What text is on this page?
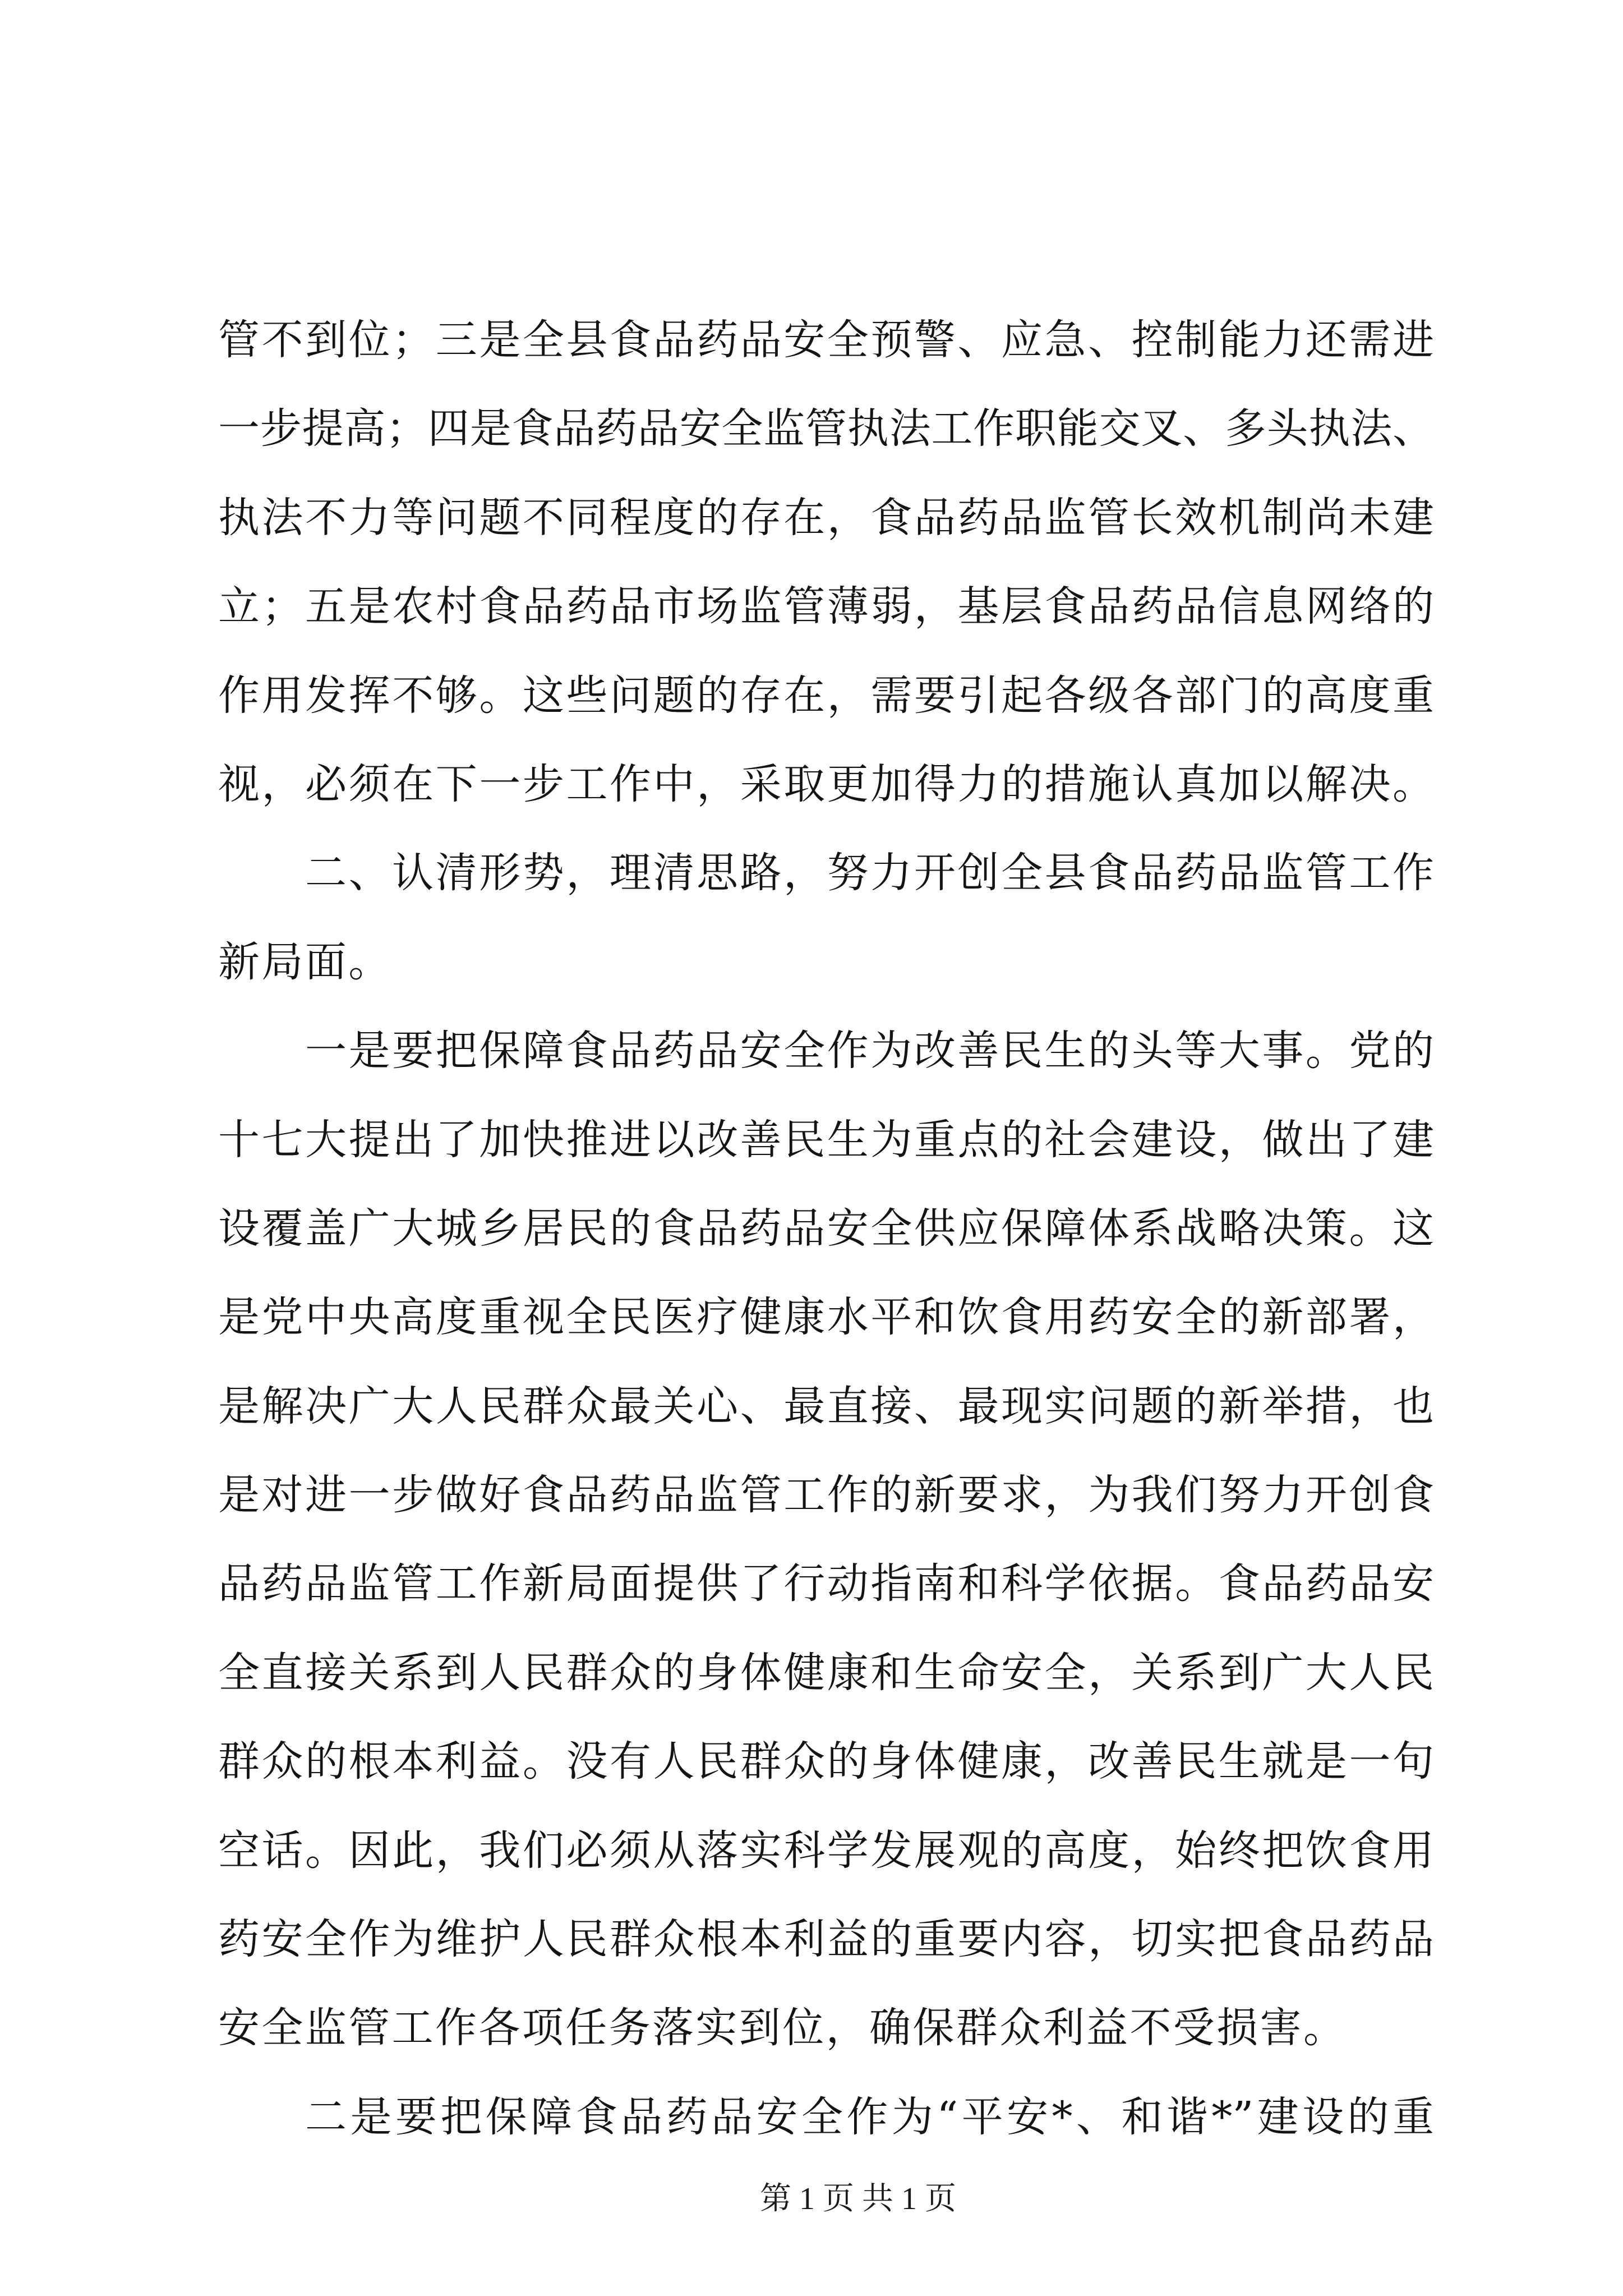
管不到位；三是全县食品药品安全预警、应急、控制能力还需进
一步提高；四是食品药品安全监管执法工作职能交叉、多头执法、
执法不力等问题不同程度的存在，食品药品监管长效机制尚未建
立；五是农村食品药品市场监管薄弱，基层食品药品信息网络的
作用发挥不够。这些问题的存在，需要引起各级各部门的高度重
视，必须在下一步工作中，采取更加得力的措施认真加以解决。
二、认清形势，理清思路，努力开创全县食品药品监管工作
新局面。
一是要把保障食品药品安全作为改善民生的头等大事。党的
十七大提出了加快推进以改善民生为重点的社会建设，做出了建
设覆盖广大城乡居民的食品药品安全供应保障体系战略决策。这
是党中央高度重视全民医疗健康水平和饮食用药安全的新部署，
是解决广大人民群众最关心、最直接、最现实问题的新举措，也
是对进一步做好食品药品监管工作的新要求，为我们努力开创食
品药品监管工作新局面提供了行动指南和科学依据。食品药品安
全直接关系到人民群众的身体健康和生命安全，关系到广大人民
群众的根本利益。没有人民群众的身体健康，改善民生就是一句
空话。因此，我们必须从落实科学发展观的高度，始终把饮食用
药安全作为维护人民群众根本利益的重要内容，切实把食品药品
安全监管工作各项任务落实到位，确保群众利益不受损害。
二是要把保障食品药品安全作为“平安*、和谐*”建设的重
第 1 页 共 1 页
